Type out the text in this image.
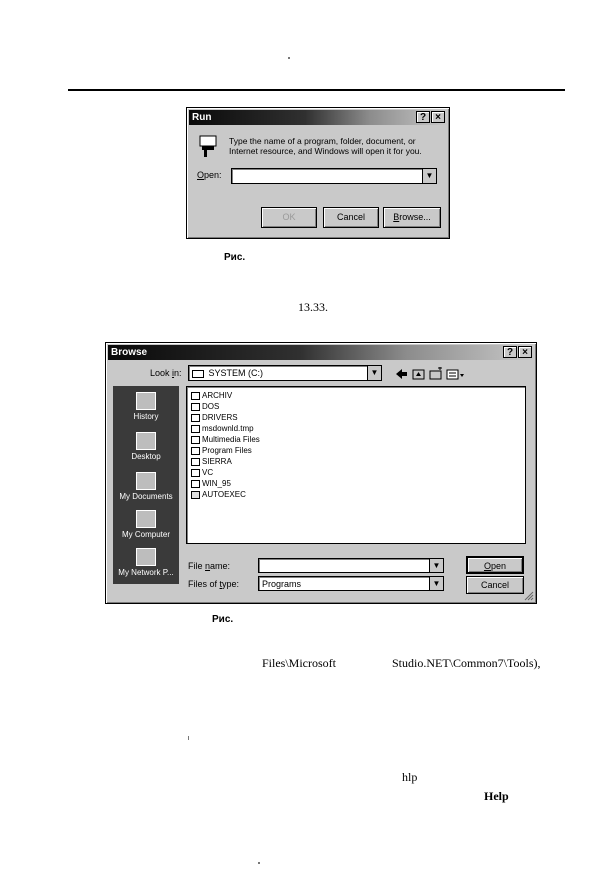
Run	? ×
Type the name of a program, folder, document, or Internet resource, and Windows will open it for you.
Open:	▼
OK	Cancel	Browse...
Рис.
13.33.
Browse	? ×
Look in:	SYSTEM (C:)	▼
History
Desktop
My Documents
My Computer
My Network P...
ARCHIV
DOS
DRIVERS
msdownld.tmp
Multimedia Files
Program Files
SIERRA
VC
WIN_95
AUTOEXEC
File name:	▼
Files of type:	Programs	▼
Open
Cancel
Рис.
Files\Microsoft	Studio.NET\Common7\Tools),
hlp
Help
